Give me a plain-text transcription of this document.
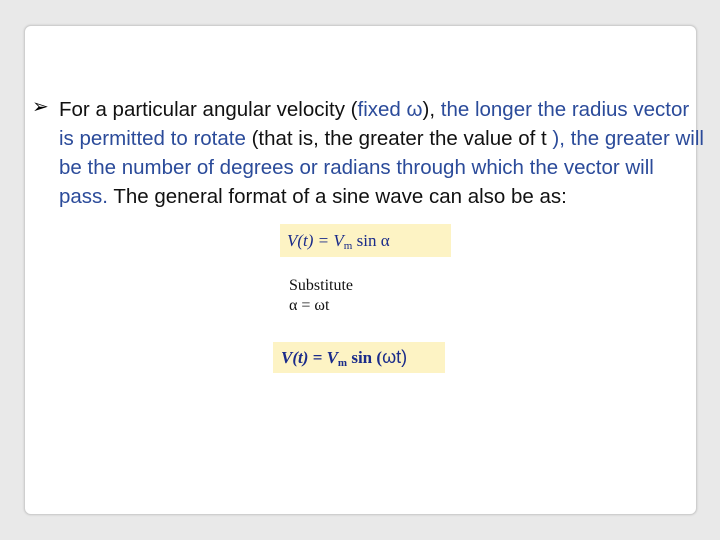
➢ For a particular angular velocity (fixed ω), the longer the radius vector is permitted to rotate (that is, the greater the value of t ), the greater will be the number of degrees or radians through which the vector will pass. The general format of a sine wave can also be as:
$V(t) = V_m$ sin α
Substitute
α = ωt
$V(t) = V_m$ sin (ωt)
